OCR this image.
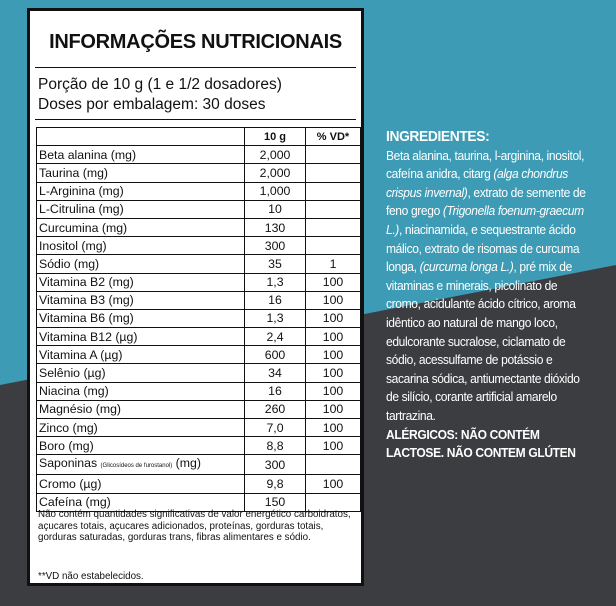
INFORMAÇÕES NUTRICIONAIS
Porção de 10 g (1 e 1/2 dosadores)
Doses por embalagem: 30 doses
	10 g	% VD*
Beta alanina (mg)	2,000	
Taurina (mg)	2,000	
L-Arginina (mg)	1,000	
L-Citrulina (mg)	10	
Curcumina (mg)	130	
Inositol (mg)	300	
Sódio (mg)	35	1
Vitamina B2 (mg)	1,3	100
Vitamina B3 (mg)	16	100
Vitamina B6 (mg)	1,3	100
Vitamina B12 (µg)	2,4	100
Vitamina A (µg)	600	100
Selênio (µg)	34	100
Niacina (mg)	16	100
Magnésio (mg)	260	100
Zinco (mg)	7,0	100
Boro (mg)	8,8	100
Saponinas (Glicosídeos de furostanol) (mg)	300	
Cromo (µg)	9,8	100
Cafeína (mg)	150	
Não contém quantidades significativas de valor energético carboidratos, açucares totais, açucares adicionados, proteínas, gorduras totais, gorduras saturadas, gorduras trans, fibras alimentares e sódio.
**VD não estabelecidos.
INGREDIENTES:
Beta alanina, taurina, l-arginina, inositol, cafeína anidra, citarg (alga chondrus crispus invernal), extrato de semente de feno grego (Trigonella foenum-graecum L.), niacinamida, e sequestrante ácido málico, extrato de risomas de curcuma longa, (curcuma longa L.), pré mix de vitaminas e minerais, picolinato de cromo, acidulante ácido cítrico, aroma idêntico ao natural de mango loco, edulcorante sucralose, ciclamato de sódio, acessulfame de potássio e sacarina sódica, antiumectante dióxido de silício, corante artificial amarelo tartrazina.
ALÉRGICOS: NÃO CONTÉM LACTOSE. NÃO CONTEM GLÚTEN
